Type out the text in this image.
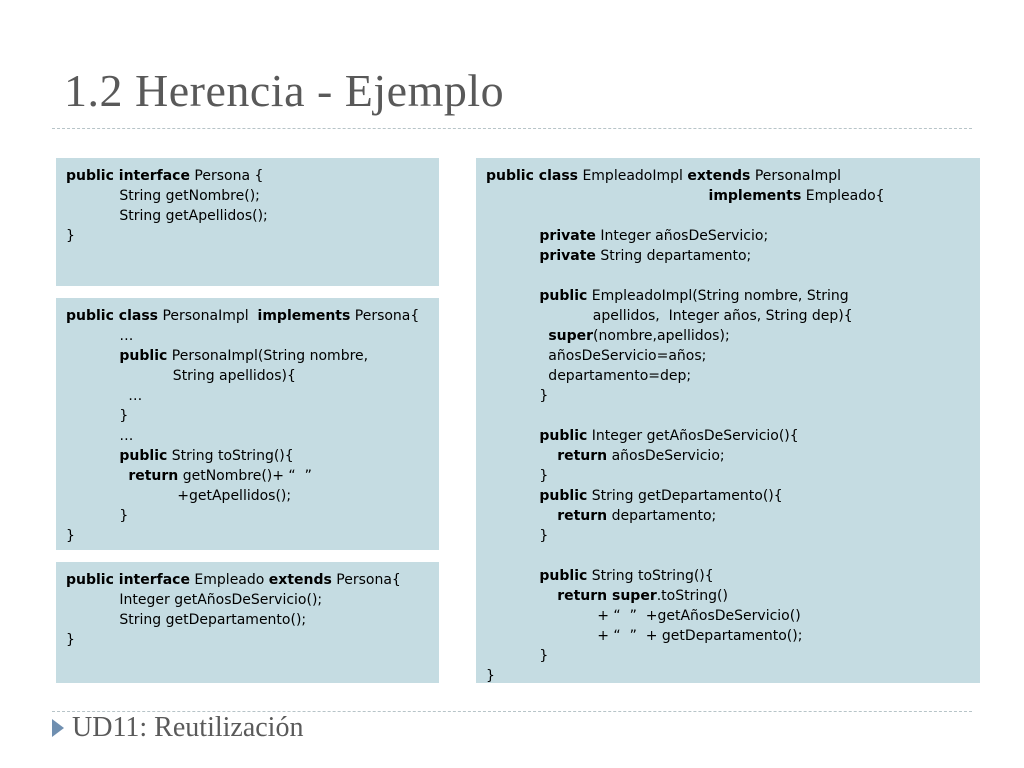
1.2 Herencia - Ejemplo
public interface Persona {
String getNombre();
String getApellidos();
}
public class PersonaImpl  implements Persona{
…
public PersonaImpl(String nombre,
String apellidos){
…
}
…
public String toString(){
return getNombre()+ “  ”
+getApellidos();
}
}
public interface Empleado extends Persona{
Integer getAñosDeServicio();
String getDepartamento();
}
public class EmpleadoImpl extends PersonaImpl
implements Empleado{
private Integer añosDeServicio;
private String departamento;
public EmpleadoImpl(String nombre, String
apellidos,  Integer años, String dep){
super(nombre,apellidos);
añosDeServicio=años;
departamento=dep;
}
public Integer getAñosDeServicio(){
return añosDeServicio;
}
public String getDepartamento(){
return departamento;
}
public String toString(){
return super.toString()
+ “  ”  +getAñosDeServicio()
+ “  ”  + getDepartamento();
}
}
UD11: Reutilización
